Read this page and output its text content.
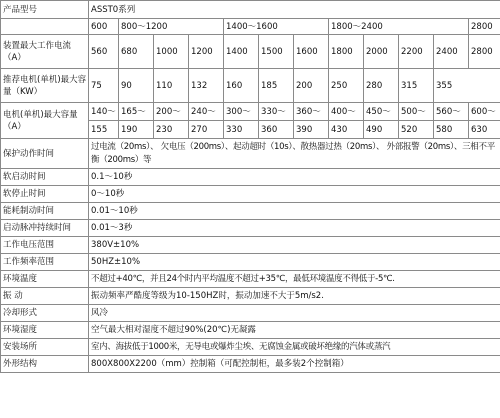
产品型号	ASST0系列											
	600	800～1200			1400～1600			1800～2400				2800
装置最大工作电流（A）	560	680	1000	1200	1400	1500	1600	1800	2000	2200	2400	2800
推荐电机(单机)最大容量（KW）	75	90	110	132	160	185	200	250	280	315	355	
电机(单机)最大容量（A）	140～	165～	200～	240～	300～	330～	360～	400～	450～	500～	560～	600～
	155	190	230	270	330	360	390	430	490	520	580	630
保护动作时间	过电流（20ms）、 欠电压（200ms）、起动超时（10s）、散热器过热（20ms）、 外部报警（20ms）、三相不平衡（200ms）等											
软启动时间	0.1～10秒											
软停止时间	0～10秒											
能耗制动时间	0.01～10秒											
启动脉冲持续时间	0.01～3秒											
工作电压范围	380V±10%											
工作频率范围	50HZ±10%											
环境温度	不超过+40℃，并且24个时内平均温度不超过+35℃，最低环境温度不得低于-5℃.											
振 动	振动频率严酷度等级为10-150HZ时，振动加速不大于5m/s2.											
冷却形式	风冷											
环境湿度	空气最大相对湿度不超过90%(20℃)无凝露											
安装场所	室内、海拔低于1000米，无导电或爆炸尘埃、无腐蚀金属或破坏绝缘的汽体或蒸汽											
外形结构	800X800X2200（mm）控制箱（可配控制柜，最多装2个控制箱）											
